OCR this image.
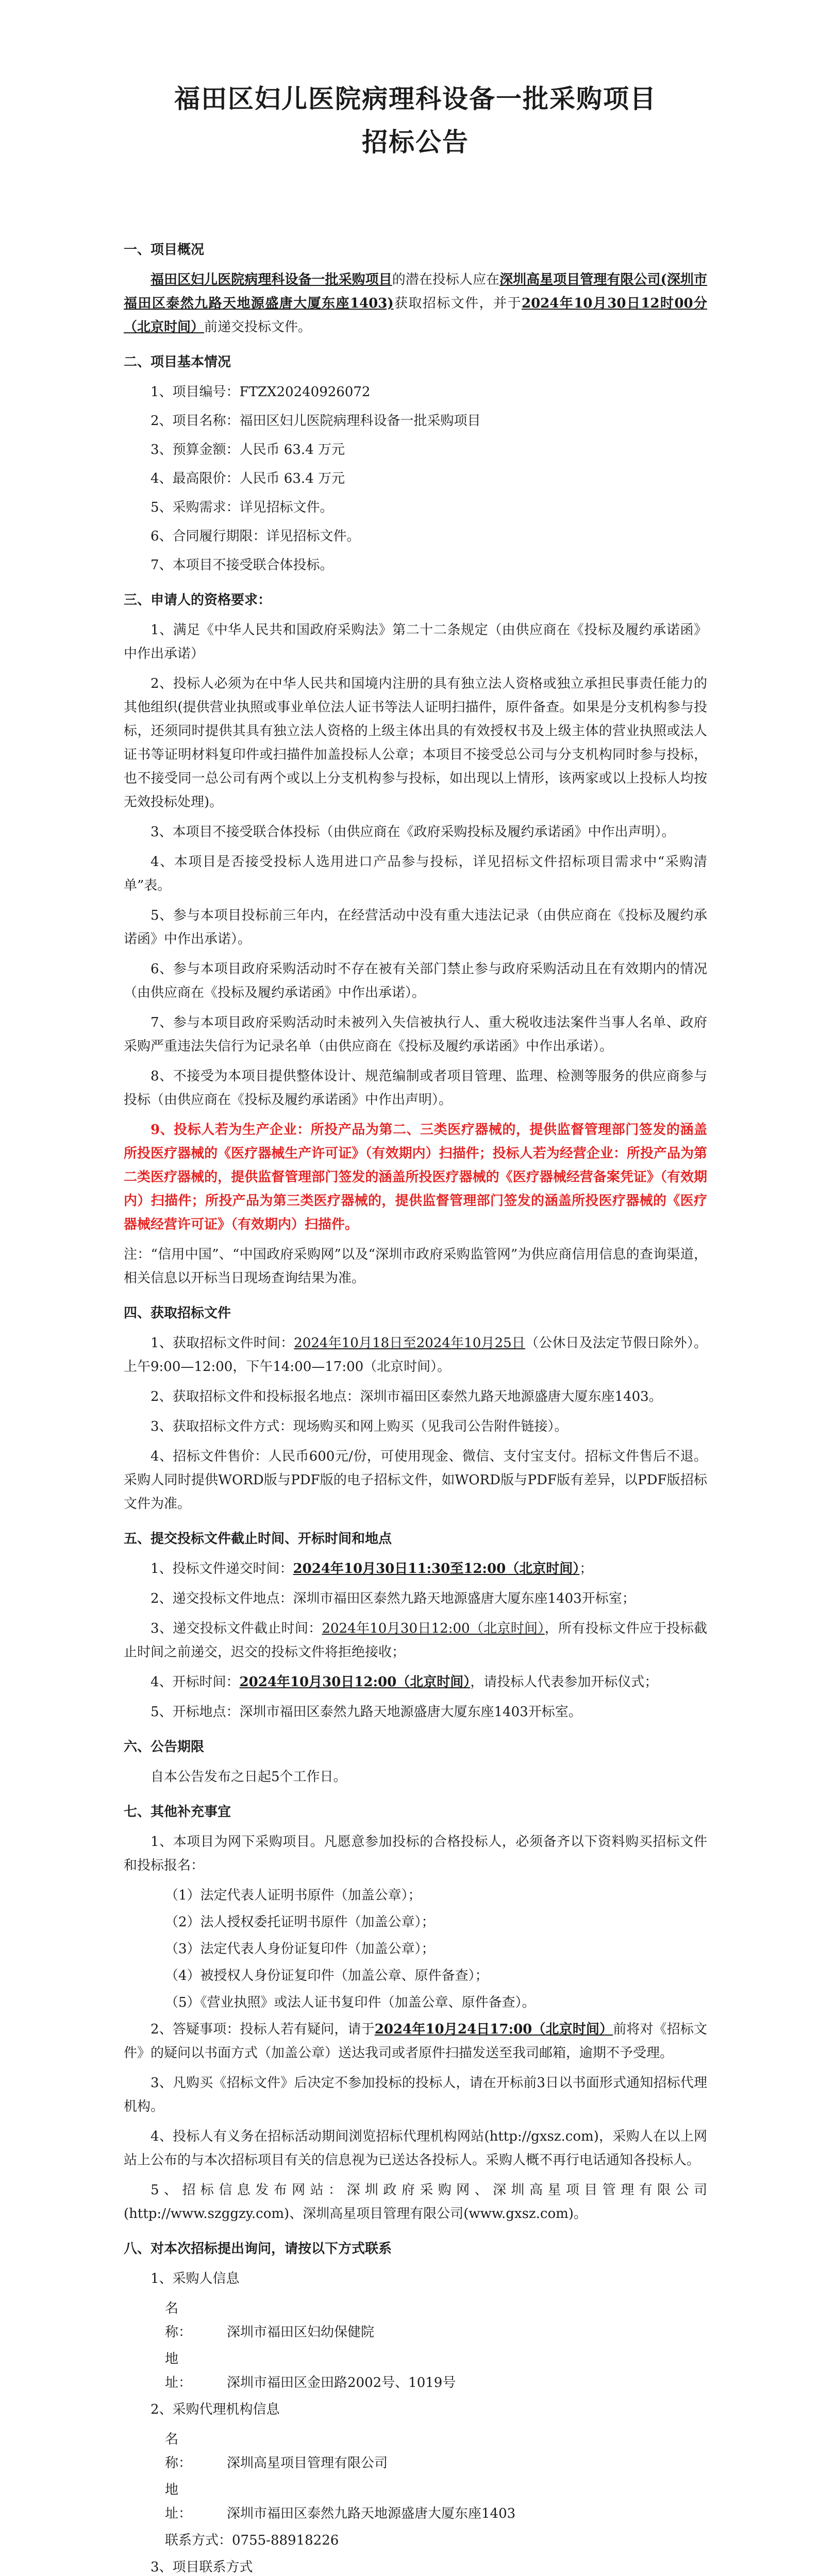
福田区妇儿医院病理科设备一批采购项目
招标公告
一、项目概况

福田区妇儿医院病理科设备一批采购项目的潜在投标人应在深圳高星项目管理有限公司(深圳市福田区泰然九路天地源盛唐大厦东座1403)获取招标文件，并于2024年10月30日12时00分（北京时间）前递交投标文件。

二、项目基本情况

1、项目编号：FTZX20240926072

2、项目名称：福田区妇儿医院病理科设备一批采购项目

3、预算金额：人民币 63.4 万元

4、最高限价：人民币 63.4 万元

5、采购需求：详见招标文件。

6、合同履行期限：详见招标文件。

7、本项目不接受联合体投标。

三、申请人的资格要求：

1、满足《中华人民共和国政府采购法》第二十二条规定（由供应商在《投标及履约承诺函》中作出承诺）

2、投标人必须为在中华人民共和国境内注册的具有独立法人资格或独立承担民事责任能力的其他组织(提供营业执照或事业单位法人证书等法人证明扫描件，原件备查。如果是分支机构参与投标，还须同时提供其具有独立法人资格的上级主体出具的有效授权书及上级主体的营业执照或法人证书等证明材料复印件或扫描件加盖投标人公章；本项目不接受总公司与分支机构同时参与投标，也不接受同一总公司有两个或以上分支机构参与投标，如出现以上情形，该两家或以上投标人均按无效投标处理)。

3、本项目不接受联合体投标（由供应商在《政府采购投标及履约承诺函》中作出声明）。

4、本项目是否接受投标人选用进口产品参与投标，详见招标文件招标项目需求中“采购清单”表。

5、参与本项目投标前三年内，在经营活动中没有重大违法记录（由供应商在《投标及履约承诺函》中作出承诺）。

6、参与本项目政府采购活动时不存在被有关部门禁止参与政府采购活动且在有效期内的情况（由供应商在《投标及履约承诺函》中作出承诺）。

7、参与本项目政府采购活动时未被列入失信被执行人、重大税收违法案件当事人名单、政府采购严重违法失信行为记录名单（由供应商在《投标及履约承诺函》中作出承诺）。

8、不接受为本项目提供整体设计、规范编制或者项目管理、监理、检测等服务的供应商参与投标（由供应商在《投标及履约承诺函》中作出声明）。

9、投标人若为生产企业：所投产品为第二、三类医疗器械的，提供监督管理部门签发的涵盖所投医疗器械的《医疗器械生产许可证》（有效期内）扫描件；投标人若为经营企业：所投产品为第二类医疗器械的，提供监督管理部门签发的涵盖所投医疗器械的《医疗器械经营备案凭证》（有效期内）扫描件；所投产品为第三类医疗器械的，提供监督管理部门签发的涵盖所投医疗器械的《医疗器械经营许可证》（有效期内）扫描件。

注：“信用中国”、“中国政府采购网”以及“深圳市政府采购监管网”为供应商信用信息的查询渠道，相关信息以开标当日现场查询结果为准。

四、获取招标文件

1、获取招标文件时间：2024年10月18日至2024年10月25日（公休日及法定节假日除外）。上午9:00—12:00，下午14:00—17:00（北京时间）。

2、获取招标文件和投标报名地点：深圳市福田区泰然九路天地源盛唐大厦东座1403。

3、获取招标文件方式：现场购买和网上购买（见我司公告附件链接）。

4、招标文件售价：人民币600元/份，可使用现金、微信、支付宝支付。招标文件售后不退。采购人同时提供WORD版与PDF版的电子招标文件，如WORD版与PDF版有差异，以PDF版招标文件为准。

五、提交投标文件截止时间、开标时间和地点

1、投标文件递交时间：2024年10月30日11:30至12:00（北京时间）；

2、递交投标文件地点：深圳市福田区泰然九路天地源盛唐大厦东座1403开标室；

3、递交投标文件截止时间：2024年10月30日12:00（北京时间），所有投标文件应于投标截止时间之前递交，迟交的投标文件将拒绝接收；

4、开标时间：2024年10月30日12:00（北京时间），请投标人代表参加开标仪式；

5、开标地点：深圳市福田区泰然九路天地源盛唐大厦东座1403开标室。

六、公告期限

自本公告发布之日起5个工作日。

七、其他补充事宜

1、本项目为网下采购项目。凡愿意参加投标的合格投标人，必须备齐以下资料购买招标文件和投标报名：

（1）法定代表人证明书原件（加盖公章）；

（2）法人授权委托证明书原件（加盖公章）；

（3）法定代表人身份证复印件（加盖公章）；

（4）被授权人身份证复印件（加盖公章、原件备查）；

（5）《营业执照》或法人证书复印件（加盖公章、原件备查）。

2、答疑事项：投标人若有疑问，请于2024年10月24日17:00（北京时间）前将对《招标文件》的疑问以书面方式（加盖公章）送达我司或者原件扫描发送至我司邮箱，逾期不予受理。

3、凡购买《招标文件》后决定不参加投标的投标人，请在开标前3日以书面形式通知招标代理机构。

4、投标人有义务在招标活动期间浏览招标代理机构网站(http://gxsz.com)，采购人在以上网站上公布的与本次招标项目有关的信息视为已送达各投标人。采购人概不再行电话通知各投标人。

5、招标信息发布网站：深圳政府采购网、深圳高星项目管理有限公司(http://www.szggzy.com)、深圳高星项目管理有限公司(www.gxsz.com)。

八、对本次招标提出询问，请按以下方式联系

1、采购人信息

名　　称：	深圳市福田区妇幼保健院

地　　址：	深圳市福田区金田路2002号、1019号

2、采购代理机构信息

名　　称：	深圳高星项目管理有限公司

地　　址：	深圳市福田区泰然九路天地源盛唐大厦东座1403

联系方式：0755-88918226

3、项目联系方式
